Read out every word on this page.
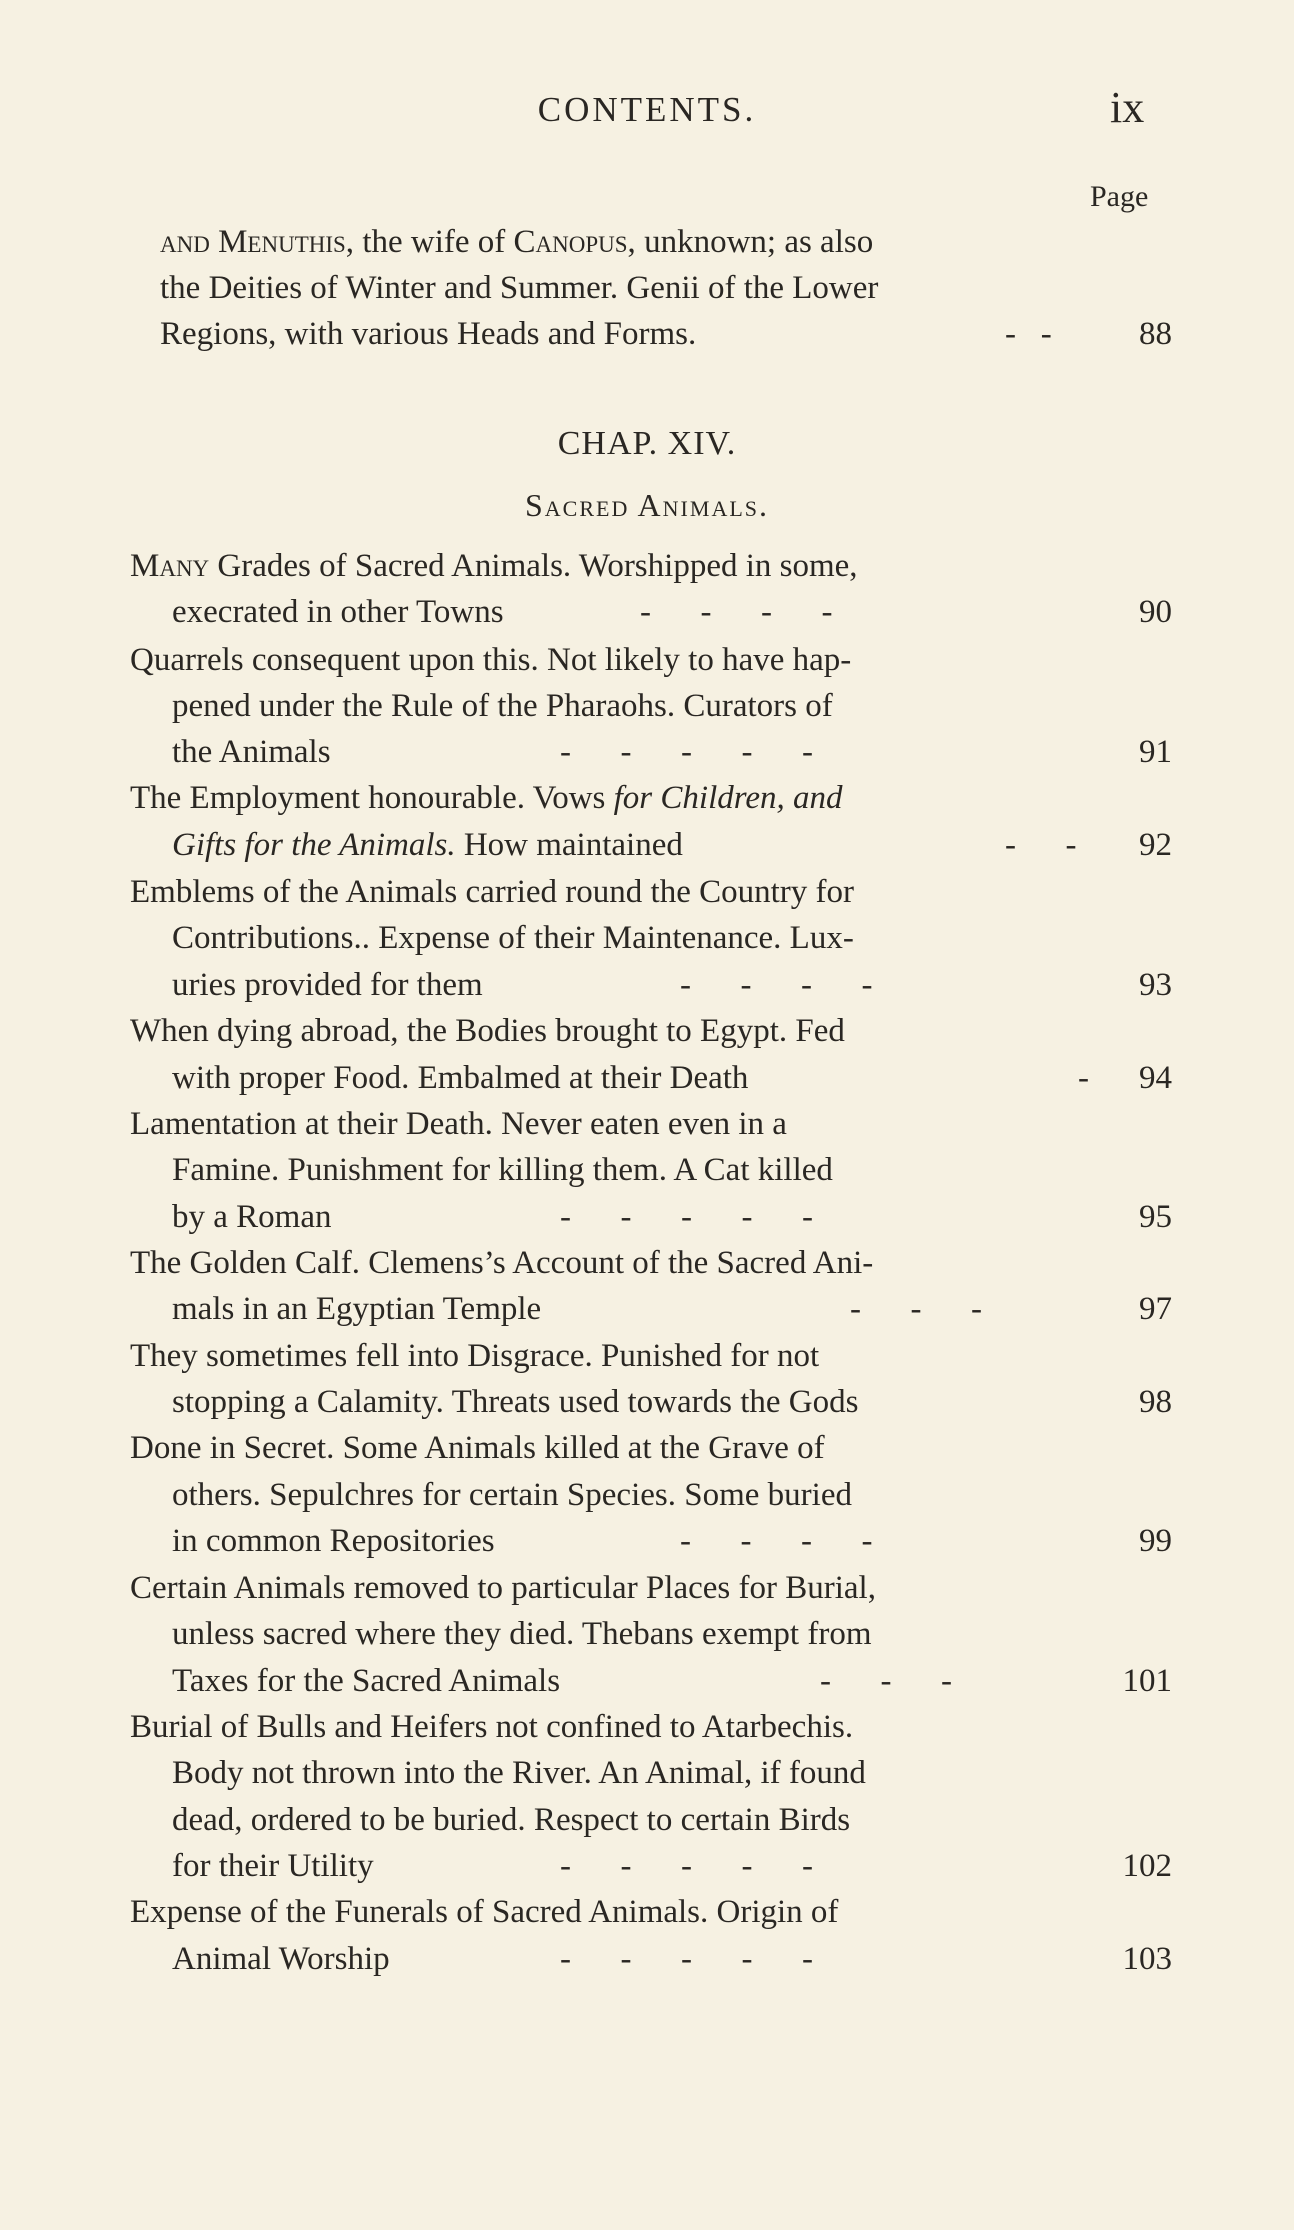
CONTENTS.	ix
Page
and Menuthis, the wife of Canopus, unknown; as also
the Deities of Winter and Summer. Genii of the Lower
Regions, with various Heads and Forms.	-   -	88
CHAP. XIV.
Sacred Animals.
Many Grades of Sacred Animals. Worshipped in some,
execrated in other Towns	-      -      -      -	90
Quarrels consequent upon this. Not likely to have hap-
pened under the Rule of the Pharaohs. Curators of
the Animals	-      -      -      -      -	91
The Employment honourable. Vows for Children, and
Gifts for the Animals. How maintained	-      -	92
Emblems of the Animals carried round the Country for
Contributions.. Expense of their Maintenance. Lux-
uries provided for them	-      -      -      -	93
When dying abroad, the Bodies brought to Egypt. Fed
with proper Food. Embalmed at their Death	-	94
Lamentation at their Death. Never eaten even in a
Famine. Punishment for killing them. A Cat killed
by a Roman	-      -      -      -      -	95
The Golden Calf. Clemens’s Account of the Sacred Ani-
mals in an Egyptian Temple	-      -      -	97
They sometimes fell into Disgrace. Punished for not
stopping a Calamity. Threats used towards the Gods	98
Done in Secret. Some Animals killed at the Grave of
others. Sepulchres for certain Species. Some buried
in common Repositories	-      -      -      -	99
Certain Animals removed to particular Places for Burial,
unless sacred where they died. Thebans exempt from
Taxes for the Sacred Animals	-      -      -	101
Burial of Bulls and Heifers not confined to Atarbechis.
Body not thrown into the River. An Animal, if found
dead, ordered to be buried. Respect to certain Birds
for their Utility	-      -      -      -      -	102
Expense of the Funerals of Sacred Animals. Origin of
Animal Worship	-      -      -      -      -	103
